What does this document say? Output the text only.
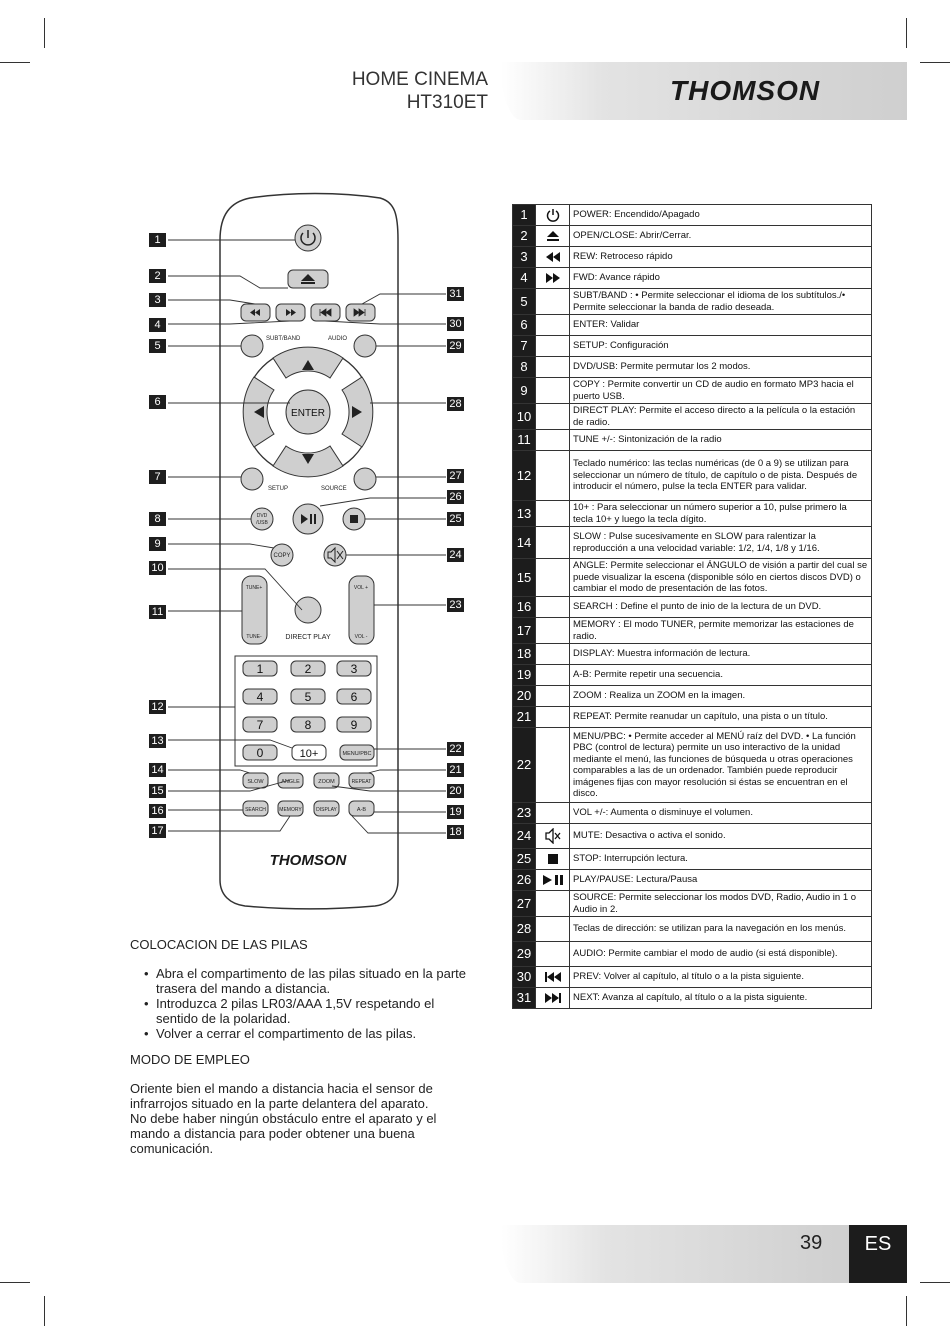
HOME CINEMA
HT310ET	THOMSON
SUBT/BAND	AUDIO
ENTER
SETUP	SOURCE
DVD
/USB
COPY
DIRECT PLAY
TUNE+
TUNE-
VOL +
VOL -
1	2	3
4	5	6
7	8	9
0	10+	MENU/PBC
SLOW	ANGLE	ZOOM	REPEAT
SEARCH	MEMORY	DISPLAY	A-B
THOMSON
1
2
3
4
5
6
7
8
9
10
11
12
13
14
15
16
17
31
30
29
28
27
26
25
24
23
22
21
20
19
18
1		POWER: Encendido/Apagado
2		OPEN/CLOSE: Abrir/Cerrar.
3		REW: Retroceso rápido
4		FWD: Avance rápido
5		SUBT/BAND : • Permite seleccionar el idioma de los subtítulos./• Permite seleccionar la banda de radio deseada.
6		ENTER: Validar
7		SETUP: Configuración
8		DVD/USB: Permite permutar los 2 modos.
9		COPY : Permite convertir un CD de audio en formato MP3 hacia el puerto USB.
10		DIRECT PLAY: Permite el acceso directo a la película o la estación de radio.
11		TUNE +/-: Sintonización de la radio
12		Teclado numérico: las teclas numéricas (de 0 a 9) se utilizan para seleccionar un número de título, de capítulo o de pista. Después de introducir el número, pulse la tecla ENTER para validar.
13		10+ : Para seleccionar un número superior a 10, pulse primero la tecla 10+ y luego la tecla dígito.
14		SLOW : Pulse sucesivamente en SLOW para ralentizar la reproducción a una velocidad variable: 1/2, 1/4, 1/8 y 1/16.
15		ANGLE: Permite seleccionar el ÁNGULO de visión a partir del cual se puede visualizar la escena (disponible sólo en ciertos discos DVD) o cambiar el modo de presentación de las fotos.
16		SEARCH : Define el punto de inio de la lectura de un DVD.
17		MEMORY : El modo TUNER, permite memorizar las estaciones de radio.
18		DISPLAY: Muestra información de lectura.
19		A-B: Permite repetir una secuencia.
20		ZOOM : Realiza un ZOOM en la imagen.
21		REPEAT: Permite reanudar un capítulo, una pista o un título.
22		MENU/PBC: • Permite acceder al MENÚ raíz del DVD. • La función PBC (control de lectura) permite un uso interactivo de la unidad mediante el menú, las funciones de búsqueda u otras operaciones comparables a las de un ordenador. También puede reproducir imágenes fijas con mayor resolución si éstas se encuentran en el disco.
23		VOL +/-: Aumenta o disminuye el volumen.
24		MUTE: Desactiva o activa el sonido.
25		STOP: Interrupción lectura.
26		PLAY/PAUSE: Lectura/Pausa
27		SOURCE: Permite seleccionar los modos DVD, Radio, Audio in 1 o Audio in 2.
28		Teclas de dirección: se utilizan para la navegación en los menús.
29		AUDIO: Permite cambiar el modo de audio (si está disponible).
30		PREV: Volver al capítulo, al título o a la pista siguiente.
31		NEXT: Avanza al capítulo, al título o a la pista siguiente.
COLOCACION DE LAS PILAS
• Abra el compartimento de las pilas situado en la parte trasera del mando a distancia.
• Introduzca 2 pilas LR03/AAA 1,5V respetando el sentido de la polaridad.
• Volver a cerrar el compartimento de las pilas.
MODO DE EMPLEO
Oriente bien el mando a distancia hacia el sensor de infrarrojos situado en la parte delantera del aparato. No debe haber ningún obstáculo entre el aparato y el mando a distancia para poder obtener una buena comunicación.
39	ES
